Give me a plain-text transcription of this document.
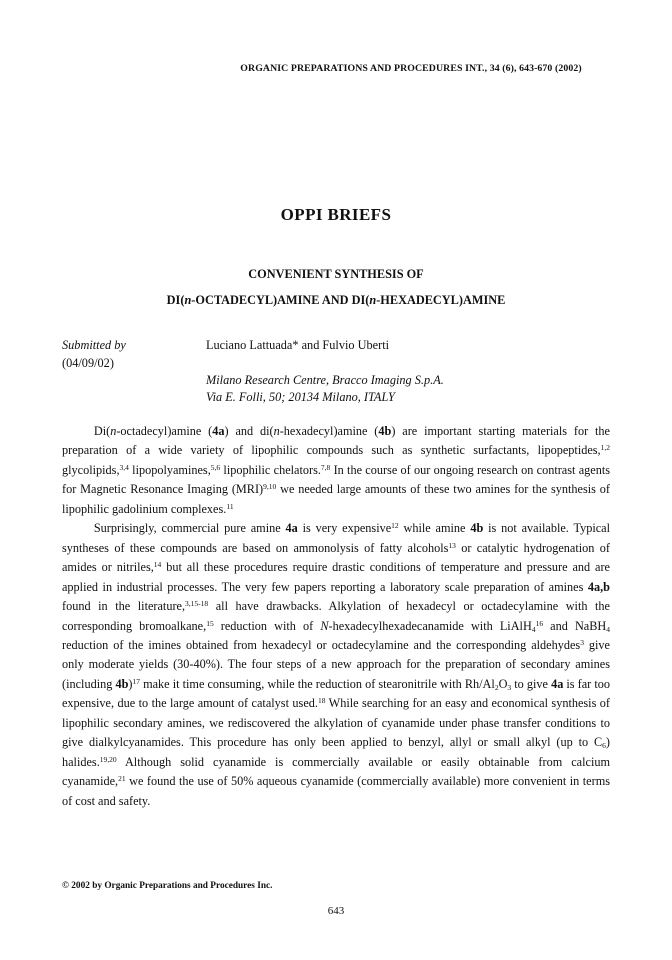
ORGANIC PREPARATIONS AND PROCEDURES INT., 34 (6), 643-670 (2002)
OPPI BRIEFS
CONVENIENT SYNTHESIS OF
DI(n-OCTADECYL)AMINE AND DI(n-HEXADECYL)AMINE
Submitted by
(04/09/02)
Luciano Lattuada* and Fulvio Uberti
Milano Research Centre, Bracco Imaging S.p.A.
Via E. Folli, 50; 20134 Milano, ITALY

Di(n-octadecyl)amine (4a) and di(n-hexadecyl)amine (4b) are important starting materials for the preparation of a wide variety of lipophilic compounds such as synthetic surfactants, lipopeptides,$^{1,2}$ glycolipids,$^{3,4}$ lipopolyamines,$^{5,6}$ lipophilic chelators.$^{7,8}$ In the course of our ongoing research on contrast agents for Magnetic Resonance Imaging (MRI)$^{9,10}$ we needed large amounts of these two amines for the synthesis of lipophilic gadolinium complexes.$^{11}$

Surprisingly, commercial pure amine 4a is very expensive$^{12}$ while amine 4b is not available. Typical syntheses of these compounds are based on ammonolysis of fatty alcohols$^{13}$ or catalytic hydrogenation of amides or nitriles,$^{14}$ but all these procedures require drastic conditions of temperature and pressure and are applied in industrial processes. The very few papers reporting a laboratory scale preparation of amines 4a,b found in the literature,$^{3,15-18}$ all have drawbacks. Alkylation of hexadecyl or octadecylamine with the corresponding bromoalkane,$^{15}$ reduction with of N-hexadecylhexadecanamide with LiAlH$_4^{16}$ and NaBH$_4$ reduction of the imines obtained from hexadecyl or octadecylamine and the corresponding aldehydes$^3$ give only moderate yields (30-40%). The four steps of a new approach for the preparation of secondary amines (including 4b)$^{17}$ make it time consuming, while the reduction of stearonitrile with $Rh/Al_2O_3$ to give 4a is far too expensive, due to the large amount of catalyst used.$^{18}$ While searching for an easy and economical synthesis of lipophilic secondary amines, we rediscovered the alkylation of cyanamide under phase transfer conditions to give dialkylcyanamides. This procedure has only been applied to benzyl, allyl or small alkyl (up to $C_6$) halides.$^{19,20}$ Although solid cyanamide is commercially available or easily obtainable from calcium cyanamide,$^{21}$ we found the use of 50% aqueous cyanamide (commercially available) more convenient in terms of cost and safety.

© 2002 by Organic Preparations and Procedures Inc.
643
